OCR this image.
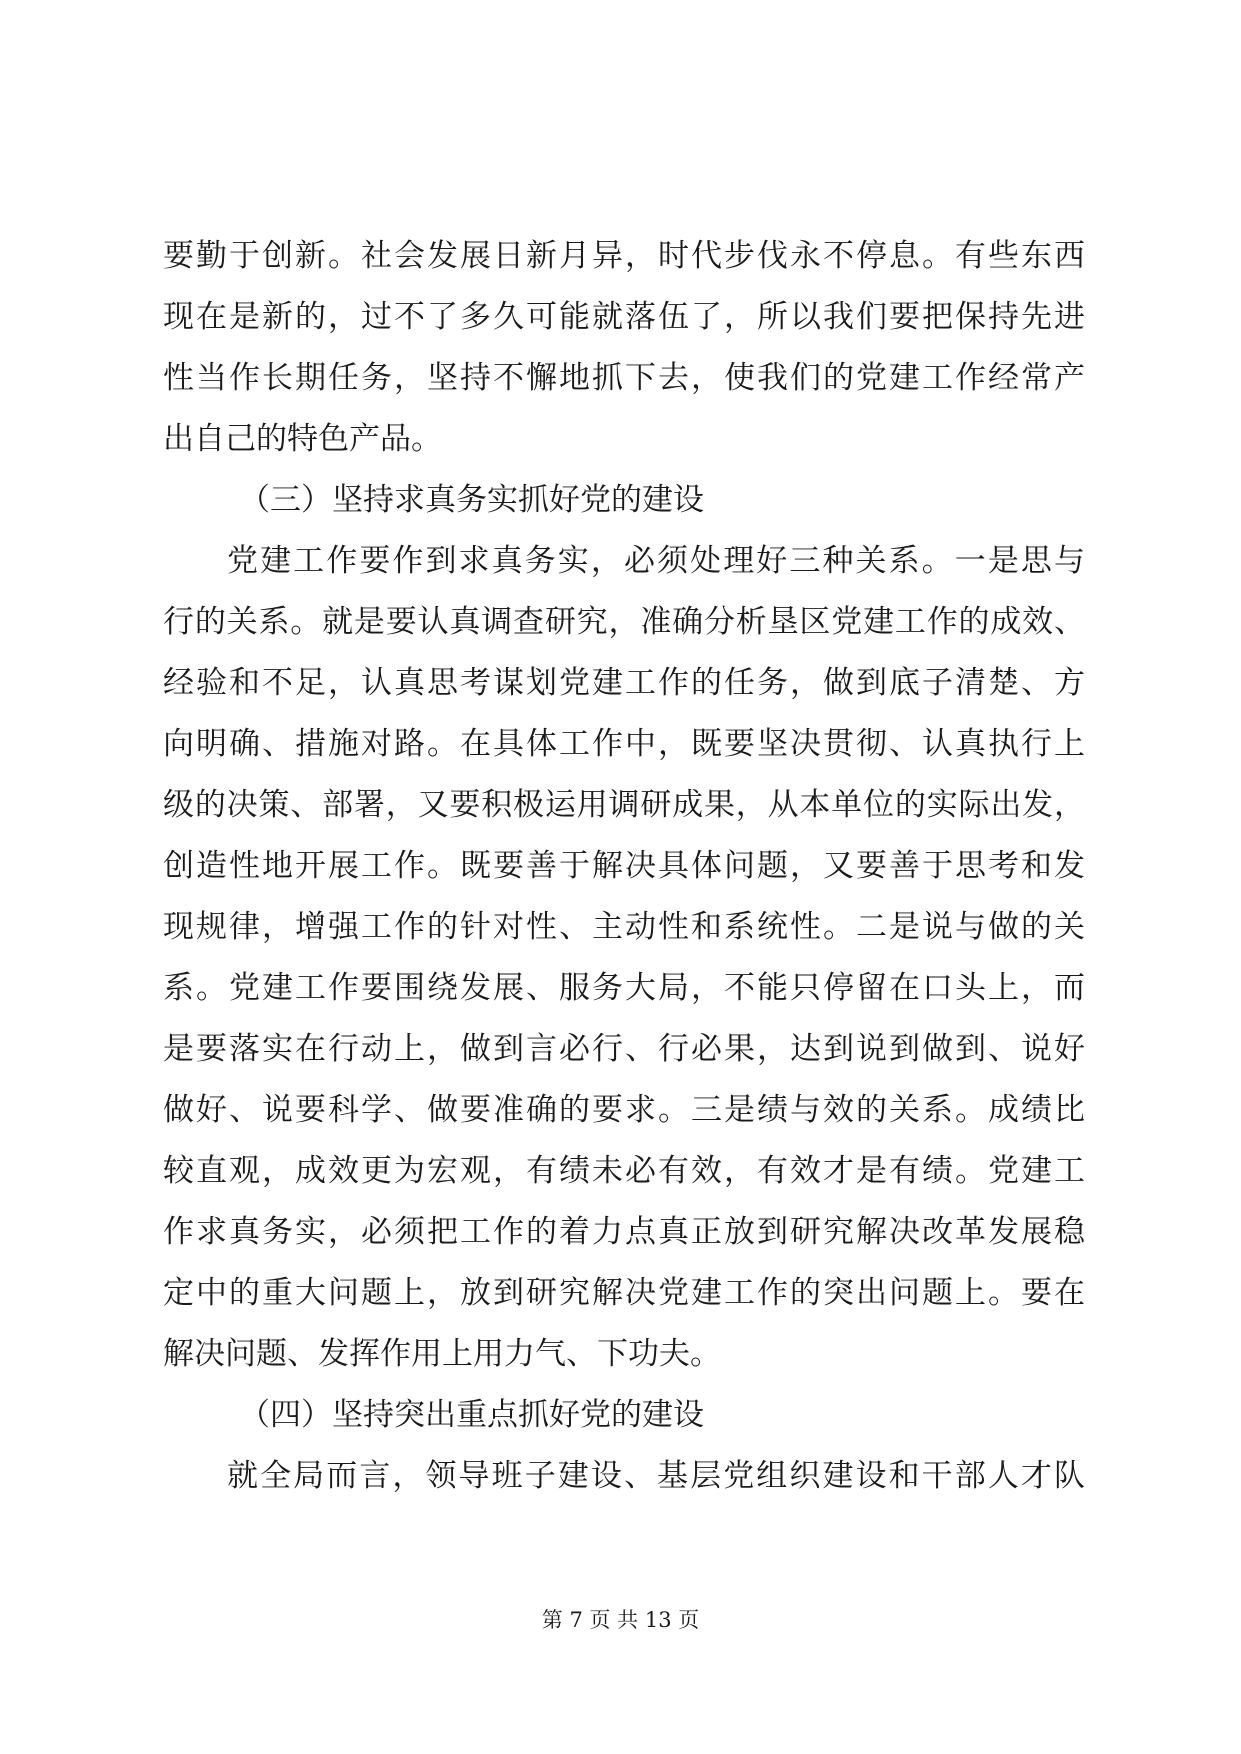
要勤于创新。社会发展日新月异，时代步伐永不停息。有些东西
现在是新的，过不了多久可能就落伍了，所以我们要把保持先进
性当作长期任务，坚持不懈地抓下去，使我们的党建工作经常产
出自己的特色产品。
（三）坚持求真务实抓好党的建设
党建工作要作到求真务实，必须处理好三种关系。一是思与
行的关系。就是要认真调查研究，准确分析垦区党建工作的成效、
经验和不足，认真思考谋划党建工作的任务，做到底子清楚、方
向明确、措施对路。在具体工作中，既要坚决贯彻、认真执行上
级的决策、部署，又要积极运用调研成果，从本单位的实际出发，
创造性地开展工作。既要善于解决具体问题，又要善于思考和发
现规律，增强工作的针对性、主动性和系统性。二是说与做的关
系。党建工作要围绕发展、服务大局，不能只停留在口头上，而
是要落实在行动上，做到言必行、行必果，达到说到做到、说好
做好、说要科学、做要准确的要求。三是绩与效的关系。成绩比
较直观，成效更为宏观，有绩未必有效，有效才是有绩。党建工
作求真务实，必须把工作的着力点真正放到研究解决改革发展稳
定中的重大问题上，放到研究解决党建工作的突出问题上。要在
解决问题、发挥作用上用力气、下功夫。
（四）坚持突出重点抓好党的建设
就全局而言，领导班子建设、基层党组织建设和干部人才队
第 7 页 共 13 页
